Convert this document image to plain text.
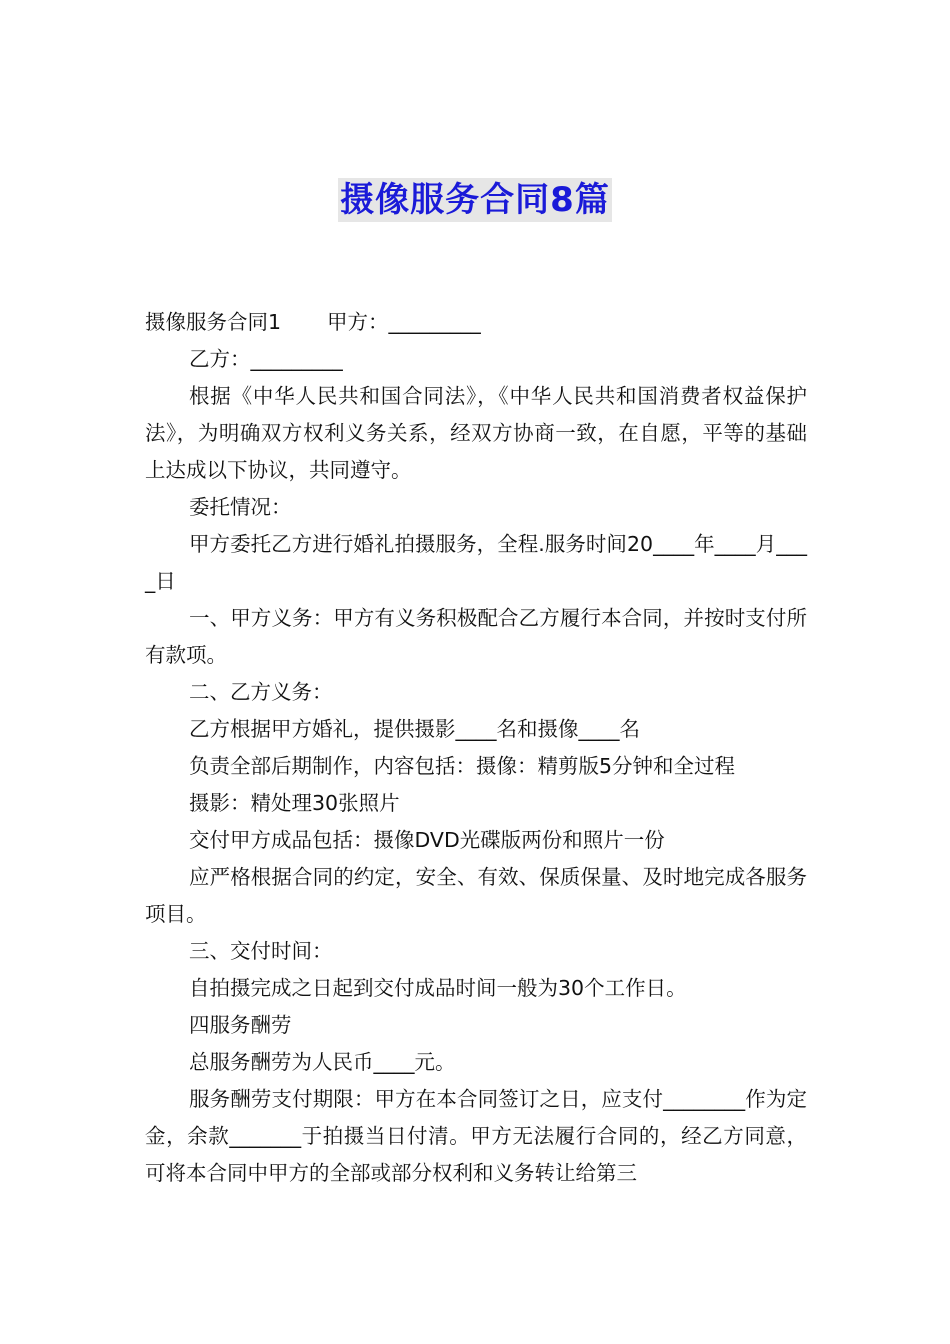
摄像服务合同8篇

摄像服务合同1 甲方：_________

乙方：_________

根据《中华人民共和国合同法》，《中华人民共和国消费者权益保护法》，为明确双方权利义务关系，经双方协商一致，在自愿，平等的基础上达成以下协议，共同遵守。

委托情况：

甲方委托乙方进行婚礼拍摄服务，全程.服务时间20____年____月____日

一、甲方义务：甲方有义务积极配合乙方履行本合同，并按时支付所有款项。

二、乙方义务：

乙方根据甲方婚礼，提供摄影____名和摄像____名

负责全部后期制作，内容包括：摄像：精剪版5分钟和全过程

摄影：精处理30张照片

交付甲方成品包括：摄像DVD光碟版两份和照片一份

应严格根据合同的约定，安全、有效、保质保量、及时地完成各服务项目。

三、交付时间：

自拍摄完成之日起到交付成品时间一般为30个工作日。

四服务酬劳

总服务酬劳为人民币____元。

服务酬劳支付期限：甲方在本合同签订之日，应支付________作为定金，余款_______于拍摄当日付清。甲方无法履行合同的，经乙方同意，可将本合同中甲方的全部或部分权利和义务转让给第三
